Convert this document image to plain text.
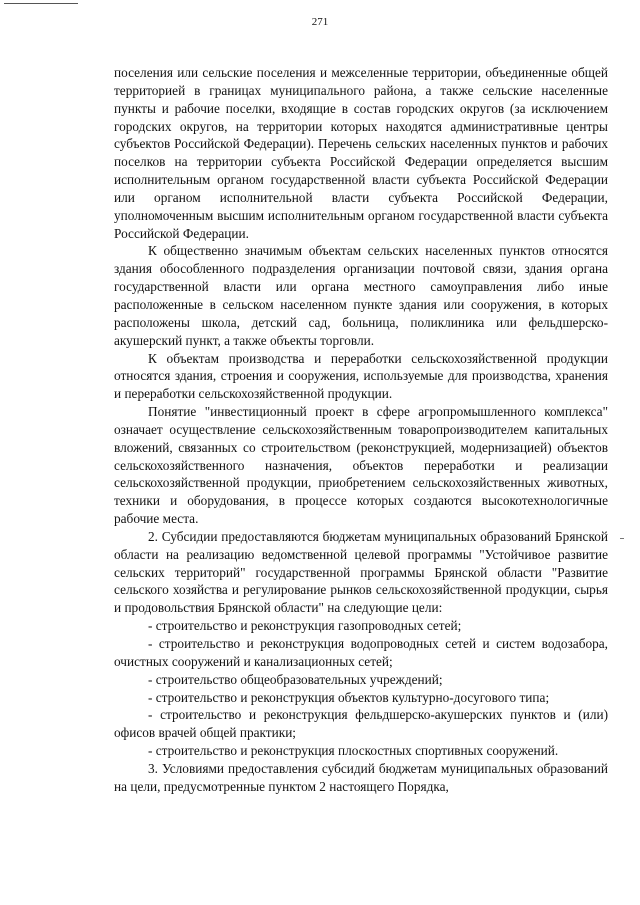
271

поселения или сельские поселения и межселенные территории, объединенные общей территорией в границах муниципального района, а также сельские населенные пункты и рабочие поселки, входящие в состав городских округов (за исключением городских округов, на территории которых находятся административные центры субъектов Российской Федерации). Перечень сельских населенных пунктов и рабочих поселков на территории субъекта Российской Федерации определяется высшим исполнительным органом государственной власти субъекта Российской Федерации или органом исполнительной власти субъекта Российской Федерации, уполномоченным высшим исполнительным органом государственной власти субъекта Российской Федерации.

К общественно значимым объектам сельских населенных пунктов относятся здания обособленного подразделения организации почтовой связи, здания органа государственной власти или органа местного самоуправления либо иные расположенные в сельском населенном пункте здания или сооружения, в которых расположены школа, детский сад, больница, поликлиника или фельдшерско-акушерский пункт, а также объекты торговли.

К объектам производства и переработки сельскохозяйственной продукции относятся здания, строения и сооружения, используемые для производства, хранения и переработки сельскохозяйственной продукции.

Понятие "инвестиционный проект в сфере агропромышленного комплекса" означает осуществление сельскохозяйственным товаропроизводителем капитальных вложений, связанных со строительством (реконструкцией, модернизацией) объектов сельскохозяйственного назначения, объектов переработки и реализации сельскохозяйственной продукции, приобретением сельскохозяйственных животных, техники и оборудования, в процессе которых создаются высокотехнологичные рабочие места.

2. Субсидии предоставляются бюджетам муниципальных образований Брянской области на реализацию ведомственной целевой программы "Устойчивое развитие сельских территорий" государственной программы Брянской области "Развитие сельского хозяйства и регулирование рынков сельскохозяйственной продукции, сырья и продовольствия Брянской области" на следующие цели:

- строительство и реконструкция газопроводных сетей;

- строительство и реконструкция водопроводных сетей и систем водозабора, очистных сооружений и канализационных сетей;

- строительство общеобразовательных учреждений;

- строительство и реконструкция объектов культурно-досугового типа;

- строительство и реконструкция фельдшерско-акушерских пунктов и (или) офисов врачей общей практики;

- строительство и реконструкция плоскостных спортивных сооружений.

3. Условиями предоставления субсидий бюджетам муниципальных образований на цели, предусмотренные пунктом 2 настоящего Порядка,
